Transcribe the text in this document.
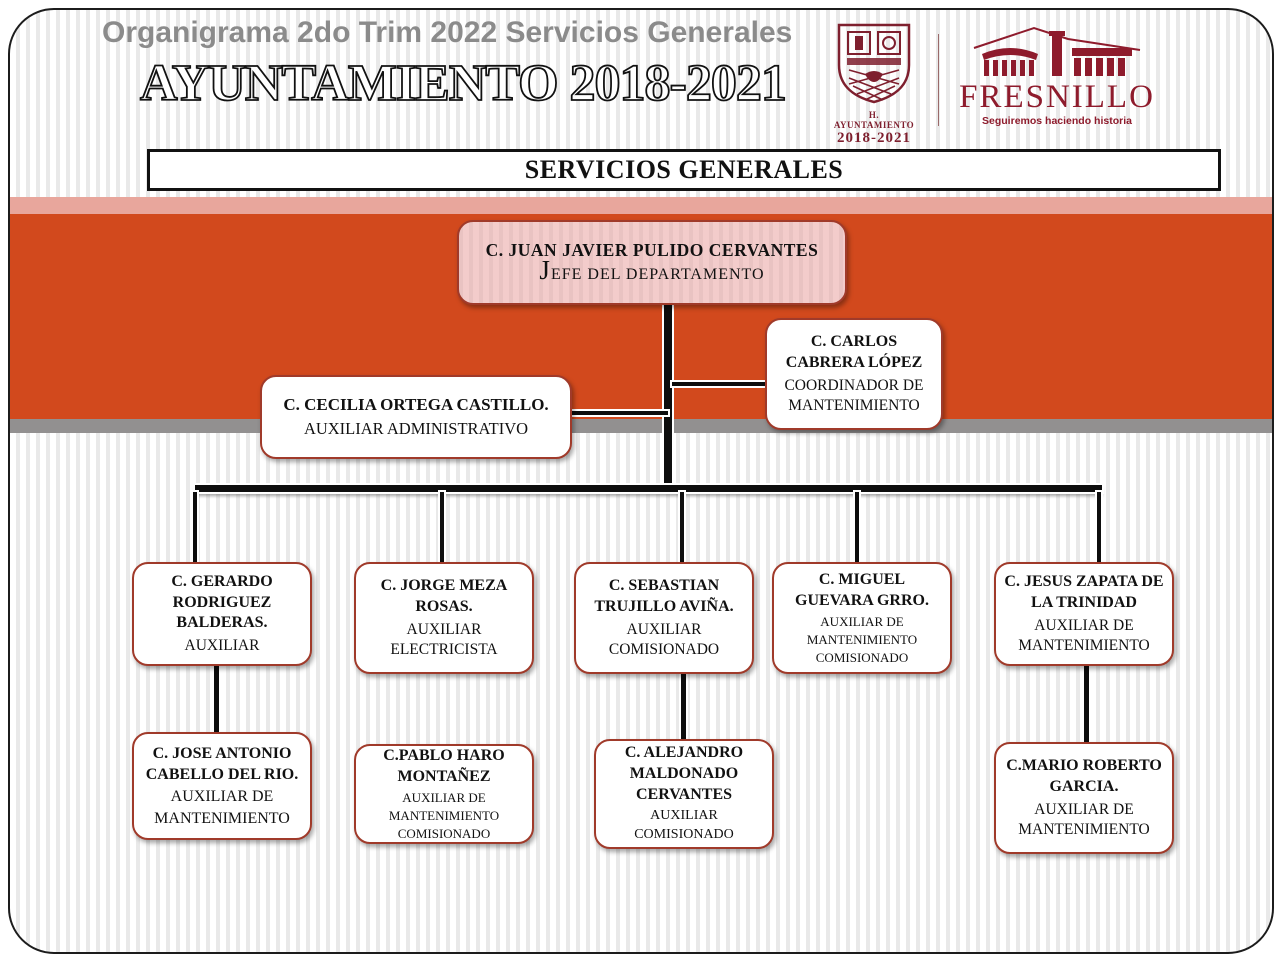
Organigrama 2do Trim 2022 Servicios Generales
AYUNTAMIENTO 2018-2021
H. AYUNTAMIENTO
2018-2021
FRESNILLO
Seguiremos haciendo historia
SERVICIOS GENERALES
C. JUAN JAVIER PULIDO CERVANTES
JEFE DEL DEPARTAMENTO
C. CARLOS CABRERA LÓPEZ
COORDINADOR DE MANTENIMIENTO
C. CECILIA ORTEGA CASTILLO.
AUXILIAR ADMINISTRATIVO
C. GERARDO RODRIGUEZ BALDERAS.
AUXILIAR
C. JORGE MEZA ROSAS.
AUXILIAR ELECTRICISTA
C. SEBASTIAN TRUJILLO AVIÑA.
AUXILIAR COMISIONADO
C. MIGUEL GUEVARA GRRO.
AUXILIAR DE MANTENIMIENTO COMISIONADO
C. JESUS ZAPATA DE LA TRINIDAD
AUXILIAR DE MANTENIMIENTO

C. JOSE ANTONIO CABELLO DEL RIO. AUXILIAR DE MANTENIMIENTO

C.PABLO HARO MONTAÑEZ
AUXILIAR DE MANTENIMIENTO COMISIONADO
C. ALEJANDRO MALDONADO CERVANTES
AUXILIAR COMISIONADO
C.MARIO ROBERTO GARCIA.
AUXILIAR DE MANTENIMIENTO
